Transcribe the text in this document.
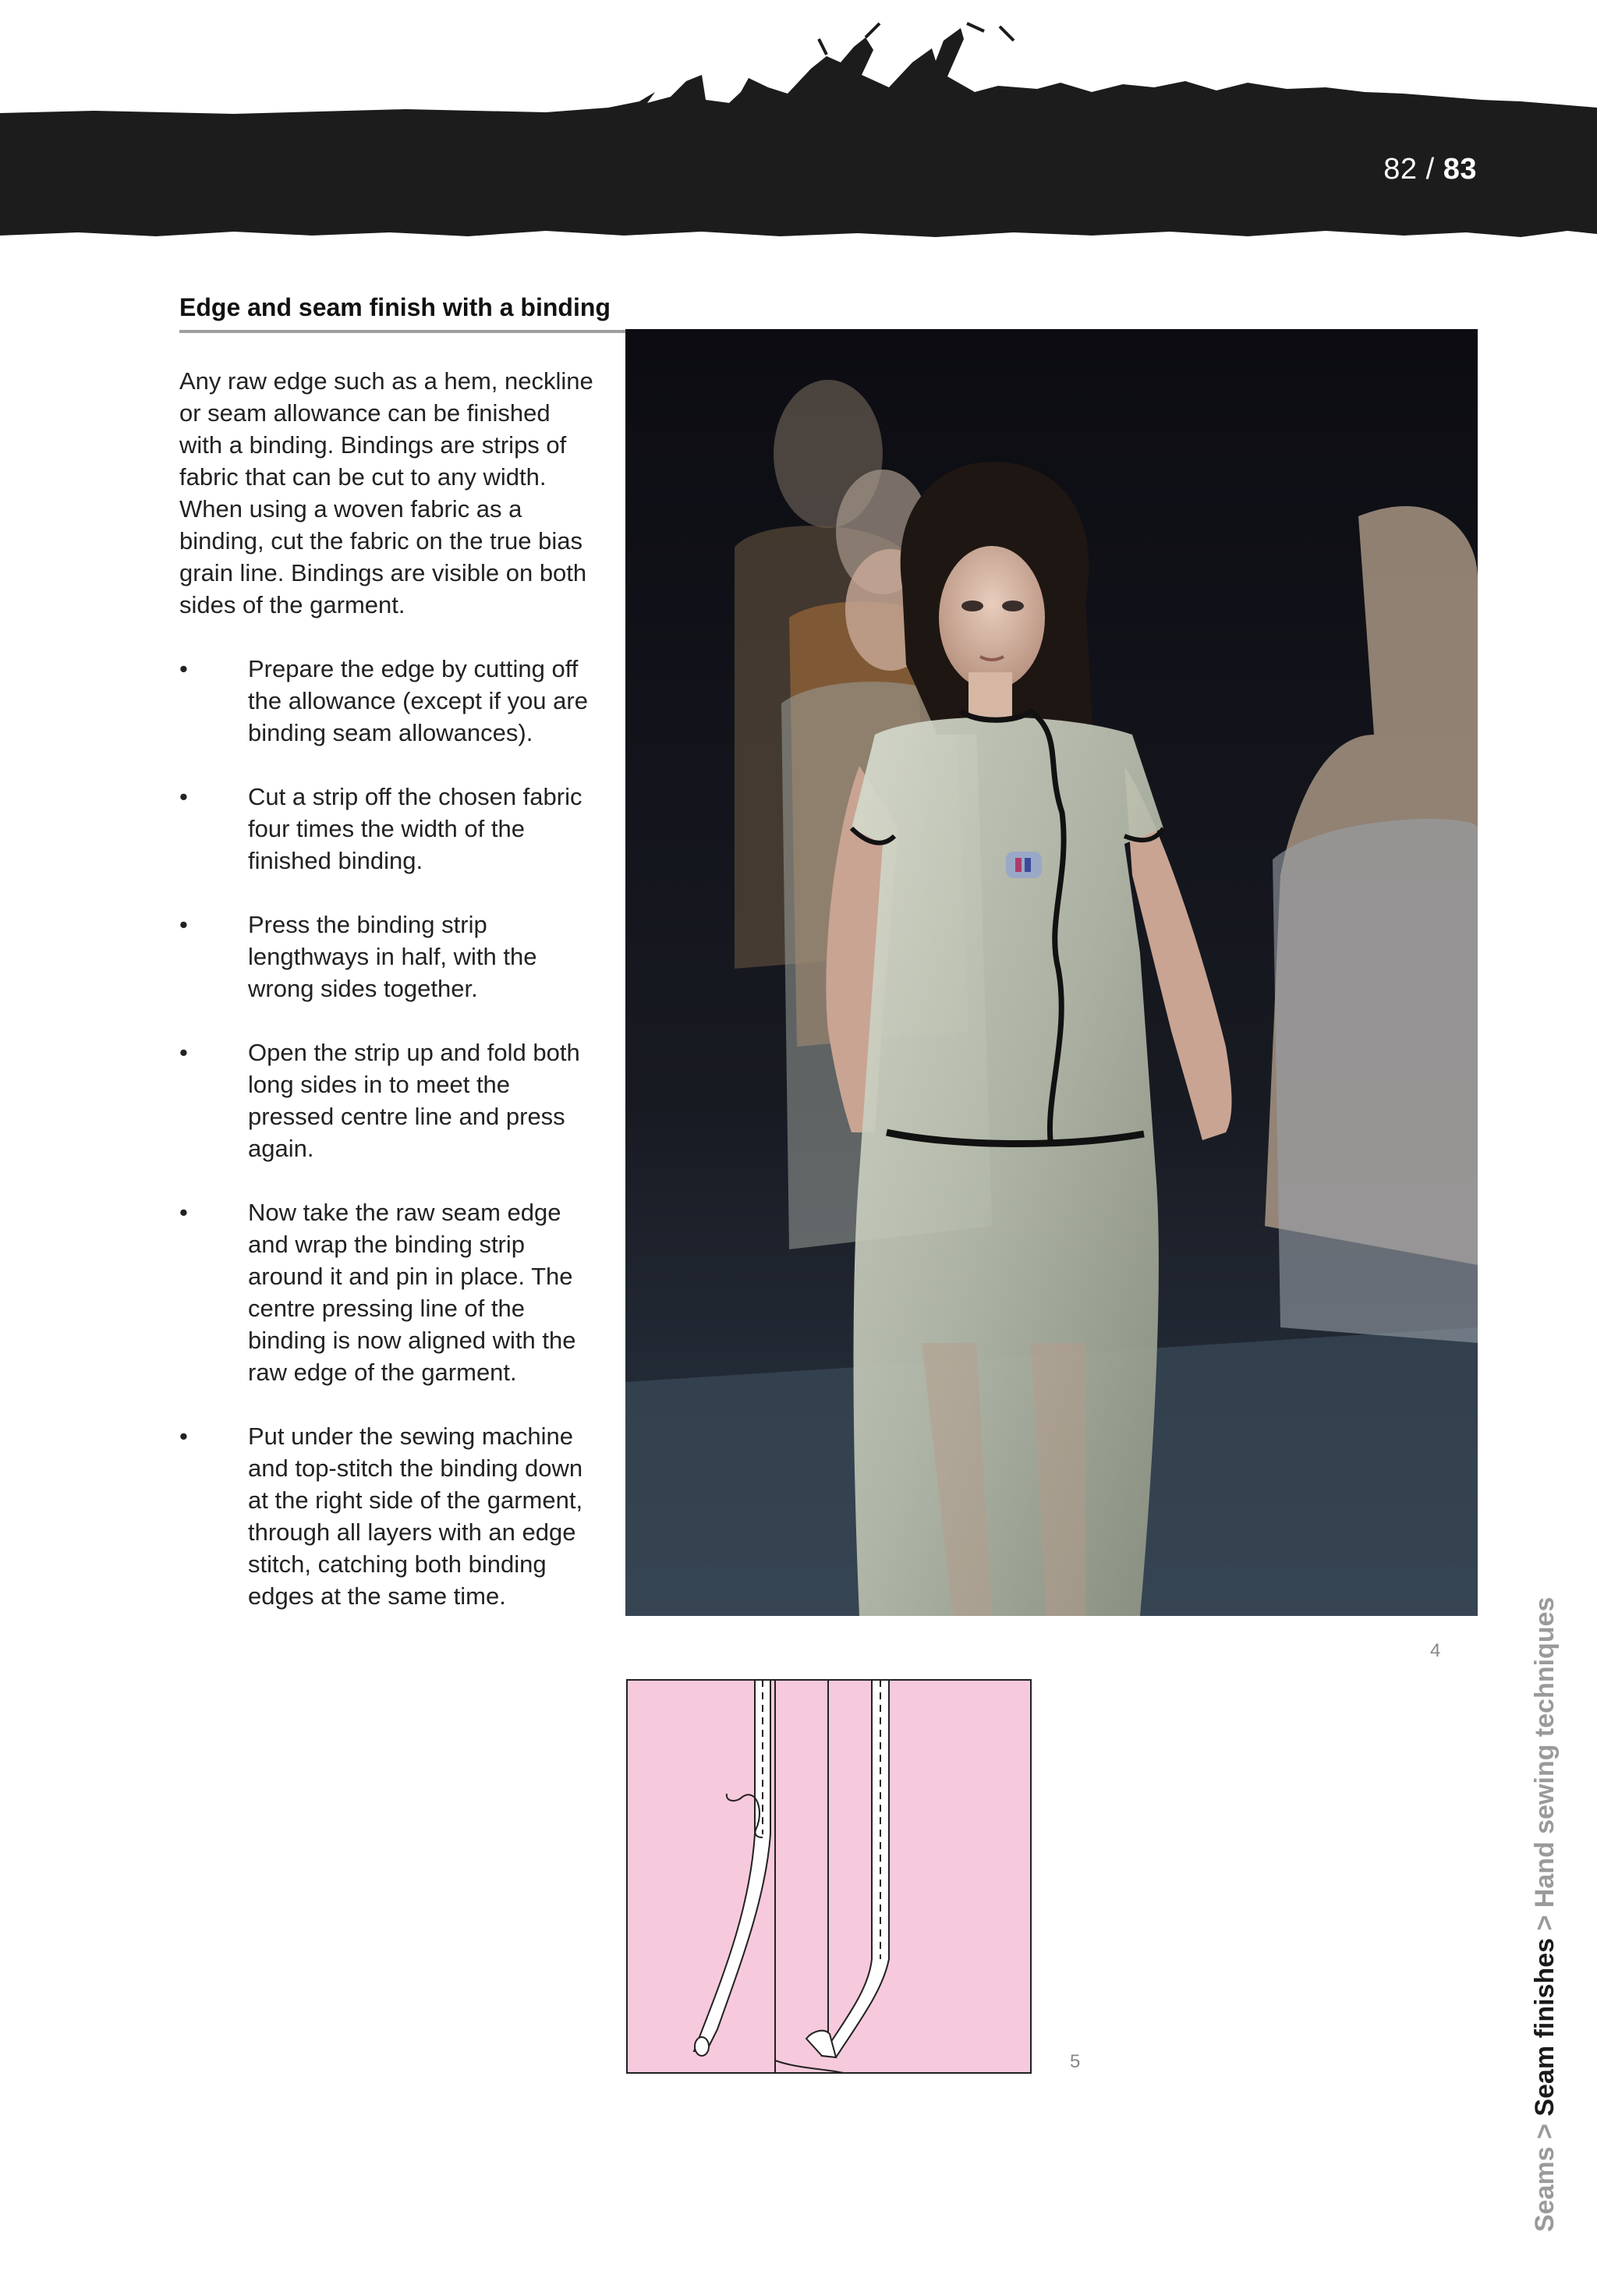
82 / 83
Edge and seam finish with a binding

Any raw edge such as a hem, neckline or seam allowance can be finished with a binding. Bindings are strips of fabric that can be cut to any width. When using a woven fabric as a binding, cut the fabric on the true bias grain line. Bindings are visible on both sides of the garment.

• Prepare the edge by cutting off the allowance (except if you are binding seam allowances).
• Cut a strip off the chosen fabric four times the width of the finished binding.
• Press the binding strip lengthways in half, with the wrong sides together.
• Open the strip up and fold both long sides in to meet the pressed centre line and press again.
• Now take the raw seam edge and wrap the binding strip around it and pin in place. The centre pressing line of the binding is now aligned with the raw edge of the garment.
• Put under the sewing machine and top-stitch the binding down at the right side of the garment, through all layers with an edge stitch, catching both binding edges at the same time.
4
5
Seams > Seam finishes > Hand sewing techniques
